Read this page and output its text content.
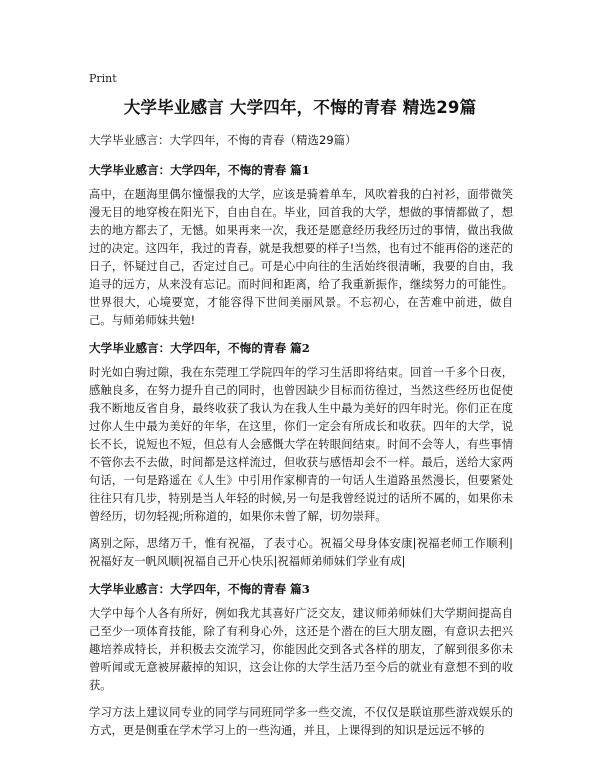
Print
大学毕业感言 大学四年，不悔的青春 精选29篇
大学毕业感言：大学四年，不悔的青春（精选29篇）
大学毕业感言：大学四年，不悔的青春 篇1

高中，在题海里偶尔憧憬我的大学，应该是骑着单车，风吹着我的白衬衫，面带微笑漫无目的地穿梭在阳光下，自由自在。毕业，回首我的大学，想做的事情都做了，想去的地方都去了，无憾。如果再来一次，我还是愿意经历我经历过的事情，做出我做过的决定。这四年，我过的青春，就是我想要的样子!当然，也有过不能再俗的迷茫的日子，怀疑过自己，否定过自己。可是心中向往的生活始终很清晰，我要的自由，我追寻的远方，从来没有忘记。而时间和距离，给了我重新振作，继续努力的可能性。世界很大，心境要宽，才能容得下世间美丽风景。不忘初心，在苦难中前进，做自己。与师弟师妹共勉!

大学毕业感言：大学四年，不悔的青春 篇2

时光如白驹过隙，我在东莞理工学院四年的学习生活即将结束。回首一千多个日夜，感触良多，在努力提升自己的同时，也曾因缺少目标而彷徨过，当然这些经历也促使我不断地反省自身，最终收获了我认为在我人生中最为美好的四年时光。你们正在度过你人生中最为美好的年华，在这里，你们一定会有所成长和收获。四年的大学，说长不长，说短也不短，但总有人会感慨大学在转眼间结束。时间不会等人，有些事情不管你去不去做，时间都是这样流过，但收获与感悟却会不一样。最后，送给大家两句话，一句是路遥在《人生》中引用作家柳青的一句话人生道路虽然漫长，但要紧处往往只有几步，特别是当人年轻的时候,另一句是我曾经说过的话所不属的，如果你未曾经历，切勿轻视;所称道的，如果你未曾了解，切勿崇拜。

离别之际，思绪万千，惟有祝福，了表寸心。祝福父母身体安康|祝福老师工作顺利|祝福好友一帆风顺|祝福自己开心快乐|祝福师弟师妹们学业有成|

大学毕业感言：大学四年，不悔的青春 篇3

大学中每个人各有所好，例如我尤其喜好广泛交友，建议师弟师妹们大学期间提高自己至少一项体育技能，除了有利身心外，这还是个潜在的巨大朋友圈，有意识去把兴趣培养成特长，并积极去交流学习，你能因此交到各式各样的朋友，了解到很多你未曾听闻或无意被屏蔽掉的知识，这会让你的大学生活乃至今后的就业有意想不到的收获。

学习方法上建议同专业的同学与同班同学多一些交流，不仅仅是联谊那些游戏娱乐的方式，更是侧重在学术学习上的一些沟通，并且，上课得到的知识是远远不够的
